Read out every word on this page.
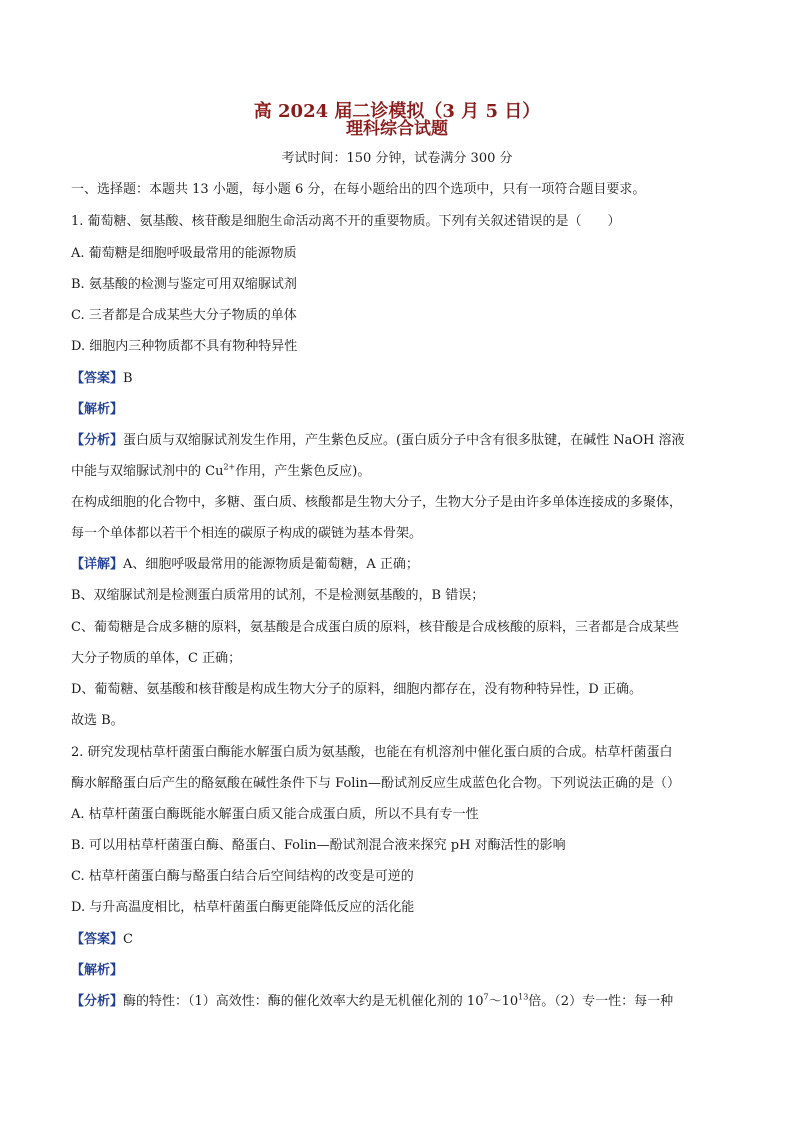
高 2024 届二诊模拟（3 月 5 日）
理科综合试题
考试时间：150 分钟，试卷满分 300 分
一、选择题：本题共 13 小题，每小题 6 分，在每小题给出的四个选项中，只有一项符合题目要求。
1. 葡萄糖、氨基酸、核苷酸是细胞生命活动离不开的重要物质。下列有关叙述错误的是（　　）
A. 葡萄糖是细胞呼吸最常用的能源物质
B. 氨基酸的检测与鉴定可用双缩脲试剂
C. 三者都是合成某些大分子物质的单体
D. 细胞内三种物质都不具有物种特异性
【答案】B
【解析】
【分析】蛋白质与双缩脲试剂发生作用，产生紫色反应。(蛋白质分子中含有很多肽键，在碱性 NaOH 溶液
中能与双缩脲试剂中的 $Cu^{2+}$作用，产生紫色反应)。
在构成细胞的化合物中，多糖、蛋白质、核酸都是生物大分子，生物大分子是由许多单体连接成的多聚体，
每一个单体都以若干个相连的碳原子构成的碳链为基本骨架。
【详解】A、细胞呼吸最常用的能源物质是葡萄糖，A 正确；
B、双缩脲试剂是检测蛋白质常用的试剂，不是检测氨基酸的，B 错误；
C、葡萄糖是合成多糖的原料，氨基酸是合成蛋白质的原料，核苷酸是合成核酸的原料，三者都是合成某些
大分子物质的单体，C 正确；
D、葡萄糖、氨基酸和核苷酸是构成生物大分子的原料，细胞内都存在，没有物种特异性，D 正确。
故选 B。
2. 研究发现枯草杆菌蛋白酶能水解蛋白质为氨基酸，也能在有机溶剂中催化蛋白质的合成。枯草杆菌蛋白
酶水解酪蛋白后产生的酪氨酸在碱性条件下与 Folin—酚试剂反应生成蓝色化合物。下列说法正确的是（）
A. 枯草杆菌蛋白酶既能水解蛋白质又能合成蛋白质，所以不具有专一性
B. 可以用枯草杆菌蛋白酶、酪蛋白、Folin—酚试剂混合液来探究 pH 对酶活性的影响
C. 枯草杆菌蛋白酶与酪蛋白结合后空间结构的改变是可逆的
D. 与升高温度相比，枯草杆菌蛋白酶更能降低反应的活化能
【答案】C
【解析】
【分析】酶的特性：（1）高效性：酶的催化效率大约是无机催化剂的 $10^7\sim 10^{13}$倍。（2）专一性：每一种
